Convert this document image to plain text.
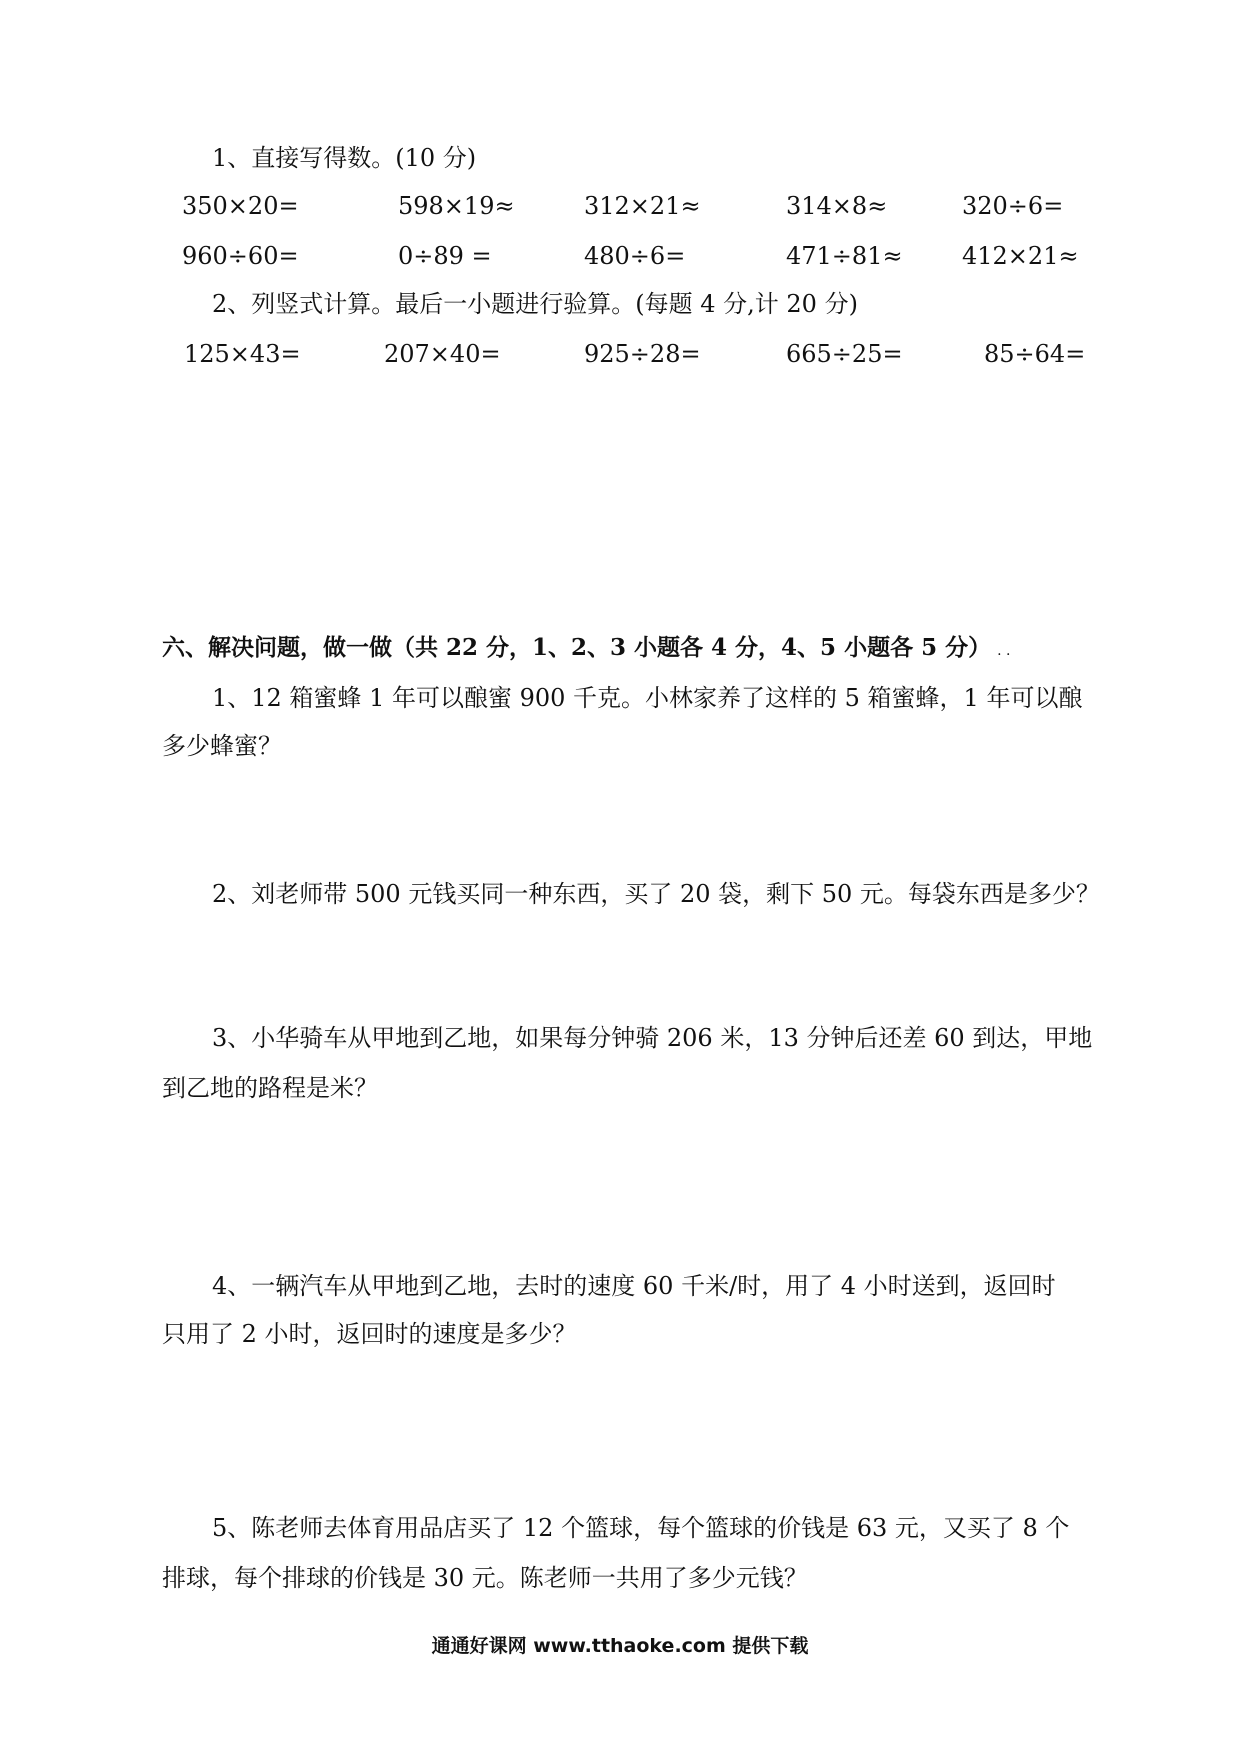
1、直接写得数。(10 分)
350×20=	598×19≈	312×21≈	314×8≈	320÷6=
960÷60=	0÷89 =	480÷6=	471÷81≈ 412×21≈
2、列竖式计算。最后一小题进行验算。(每题 4 分,计 20 分)
125×43=	207×40=	925÷28=	665÷25=	85÷64=
六、解决问题，做一做（共 22 分，1、2、3 小题各 4 分，4、5 小题各 5 分） . .
1、12 箱蜜蜂 1 年可以酿蜜 900 千克。小林家养了这样的 5 箱蜜蜂，1 年可以酿
多少蜂蜜？
2、刘老师带 500 元钱买同一种东西，买了 20 袋，剩下 50 元。每袋东西是多少？
3、小华骑车从甲地到乙地，如果每分钟骑 206 米，13 分钟后还差 60 到达，甲地
到乙地的路程是米？
4、一辆汽车从甲地到乙地，去时的速度 60 千米/时，用了 4 小时送到，返回时
只用了 2 小时，返回时的速度是多少？
5、陈老师去体育用品店买了 12 个篮球，每个篮球的价钱是 63 元，又买了 8 个
排球，每个排球的价钱是 30 元。陈老师一共用了多少元钱？
通通好课网 www.tthaoke.com 提供下载
